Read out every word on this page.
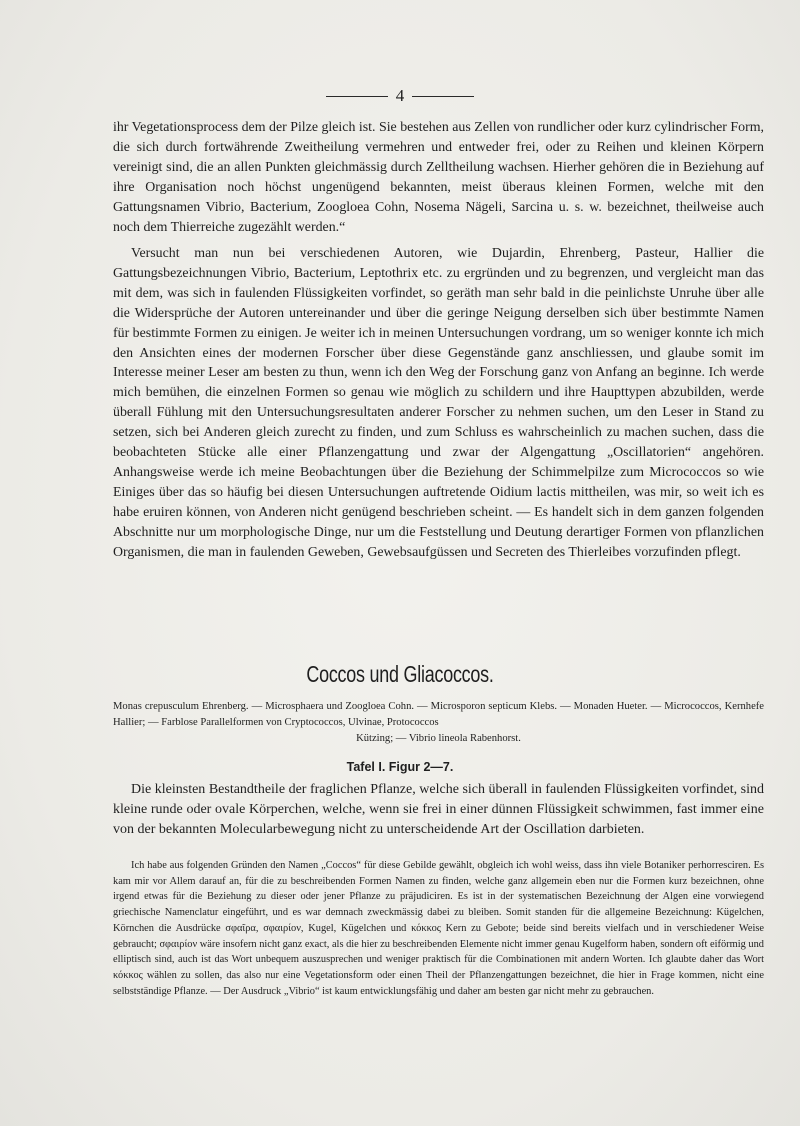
4

ihr Vegetationsprocess dem der Pilze gleich ist. Sie bestehen aus Zellen von rundlicher oder kurz cylindrischer Form, die sich durch fortwährende Zweitheilung vermehren und entweder frei, oder zu Reihen und kleinen Körpern vereinigt sind, die an allen Punkten gleichmässig durch Zelltheilung wachsen. Hierher gehören die in Beziehung auf ihre Organisation noch höchst ungenügend bekannten, meist überaus kleinen Formen, welche mit den Gattungsnamen Vibrio, Bacterium, Zoogloea Cohn, Nosema Nägeli, Sarcina u. s. w. bezeichnet, theilweise auch noch dem Thierreiche zugezählt werden.“

Versucht man nun bei verschiedenen Autoren, wie Dujardin, Ehrenberg, Pasteur, Hallier die Gattungsbezeichnungen Vibrio, Bacterium, Leptothrix etc. zu ergründen und zu begrenzen, und vergleicht man das mit dem, was sich in faulenden Flüssigkeiten vorfindet, so geräth man sehr bald in die peinlichste Unruhe über alle die Widersprüche der Autoren untereinander und über die geringe Neigung derselben sich über bestimmte Namen für bestimmte Formen zu einigen. Je weiter ich in meinen Untersuchungen vordrang, um so weniger konnte ich mich den Ansichten eines der modernen Forscher über diese Gegenstände ganz anschliessen, und glaube somit im Interesse meiner Leser am besten zu thun, wenn ich den Weg der Forschung ganz von Anfang an beginne. Ich werde mich bemühen, die einzelnen Formen so genau wie möglich zu schildern und ihre Haupttypen abzubilden, werde überall Fühlung mit den Untersuchungsresultaten anderer Forscher zu nehmen suchen, um den Leser in Stand zu setzen, sich bei Anderen gleich zurecht zu finden, und zum Schluss es wahrscheinlich zu machen suchen, dass die beobachteten Stücke alle einer Pflanzengattung und zwar der Algengattung „Oscillatorien“ angehören. Anhangsweise werde ich meine Beobachtungen über die Beziehung der Schimmelpilze zum Micrococcos so wie Einiges über das so häufig bei diesen Untersuchungen auftretende Oidium lactis mittheilen, was mir, so weit ich es habe eruiren können, von Anderen nicht genügend beschrieben scheint. — Es handelt sich in dem ganzen folgenden Abschnitte nur um morphologische Dinge, nur um die Feststellung und Deutung derartiger Formen von pflanzlichen Organismen, die man in faulenden Geweben, Gewebsaufgüssen und Secreten des Thierleibes vorzufinden pflegt.

Coccos und Gliacoccos.
Monas crepusculum Ehrenberg. — Microsphaera und Zoogloea Cohn. — Microsporon septicum Klebs. — Monaden Hueter. — Micrococcos, Kernhefe Hallier; — Farblose Parallelformen von Cryptococcos, Ulvinae, Protococcos
Kützing; — Vibrio lineola Rabenhorst.
Tafel I. Figur 2—7.

Die kleinsten Bestandtheile der fraglichen Pflanze, welche sich überall in faulenden Flüssigkeiten vorfindet, sind kleine runde oder ovale Körperchen, welche, wenn sie frei in einer dünnen Flüssigkeit schwimmen, fast immer eine von der bekannten Molecularbewegung nicht zu unterscheidende Art der Oscillation darbieten.

Ich habe aus folgenden Gründen den Namen „Coccos“ für diese Gebilde gewählt, obgleich ich wohl weiss, dass ihn viele Botaniker perhorresciren. Es kam mir vor Allem darauf an, für die zu beschreibenden Formen Namen zu finden, welche ganz allgemein eben nur die Formen kurz bezeichnen, ohne irgend etwas für die Beziehung zu dieser oder jener Pflanze zu präjudiciren. Es ist in der systematischen Bezeichnung der Algen eine vorwiegend griechische Namenclatur eingeführt, und es war demnach zweckmässig dabei zu bleiben. Somit standen für die allgemeine Bezeichnung: Kügelchen, Körnchen die Ausdrücke σφαῖρα, σφαιρίον, Kugel, Kügelchen und κόκκος Kern zu Gebote; beide sind bereits vielfach und in verschiedener Weise gebraucht; σφαιρίον wäre insofern nicht ganz exact, als die hier zu beschreibenden Elemente nicht immer genau Kugelform haben, sondern oft eiförmig und elliptisch sind, auch ist das Wort unbequem auszusprechen und weniger praktisch für die Combinationen mit andern Worten. Ich glaubte daher das Wort κόκκος wählen zu sollen, das also nur eine Vegetationsform oder einen Theil der Pflanzengattungen bezeichnet, die hier in Frage kommen, nicht eine selbstständige Pflanze. — Der Ausdruck „Vibrio“ ist kaum entwicklungsfähig und daher am besten gar nicht mehr zu gebrauchen.
